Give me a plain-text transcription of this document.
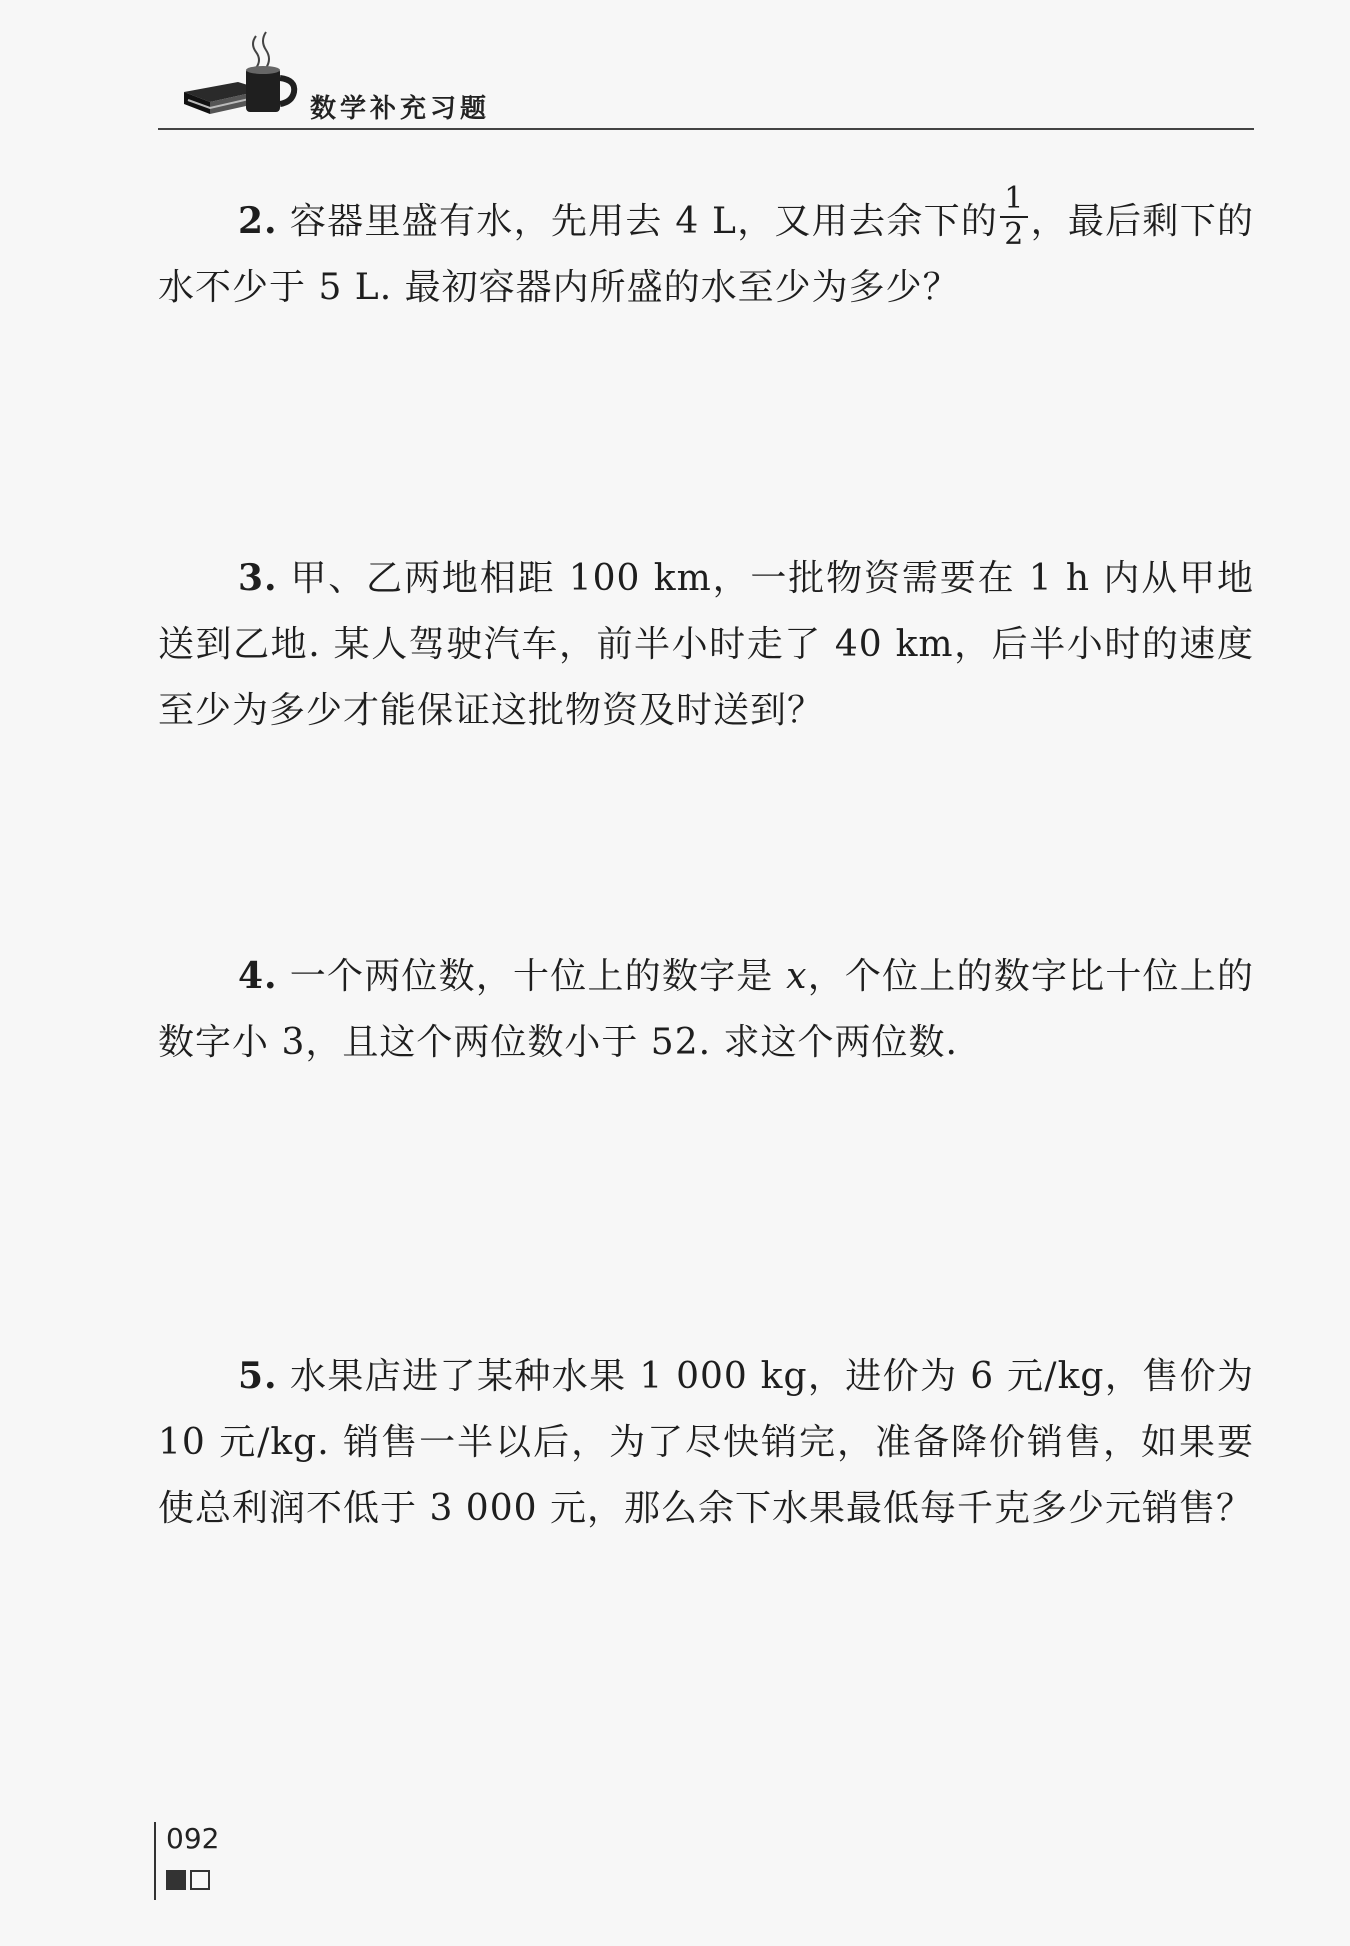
数学补充习题
2. 容器里盛有水，先用去 4 L，又用去余下的 $\frac{1}{2}$ ，最后剩下的水不少于 5 L. 最初容器内所盛的水至少为多少？
3. 甲、乙两地相距 100 km，一批物资需要在 1 h 内从甲地送到乙地. 某人驾驶汽车，前半小时走了 40 km，后半小时的速度至少为多少才能保证这批物资及时送到？
4. 一个两位数，十位上的数字是 x，个位上的数字比十位上的数字小 3，且这个两位数小于 52. 求这个两位数.
5. 水果店进了某种水果 1 000 kg，进价为 6 元/kg，售价为 10 元/kg. 销售一半以后，为了尽快销完，准备降价销售，如果要使总利润不低于 3 000 元，那么余下水果最低每千克多少元销售？
092
